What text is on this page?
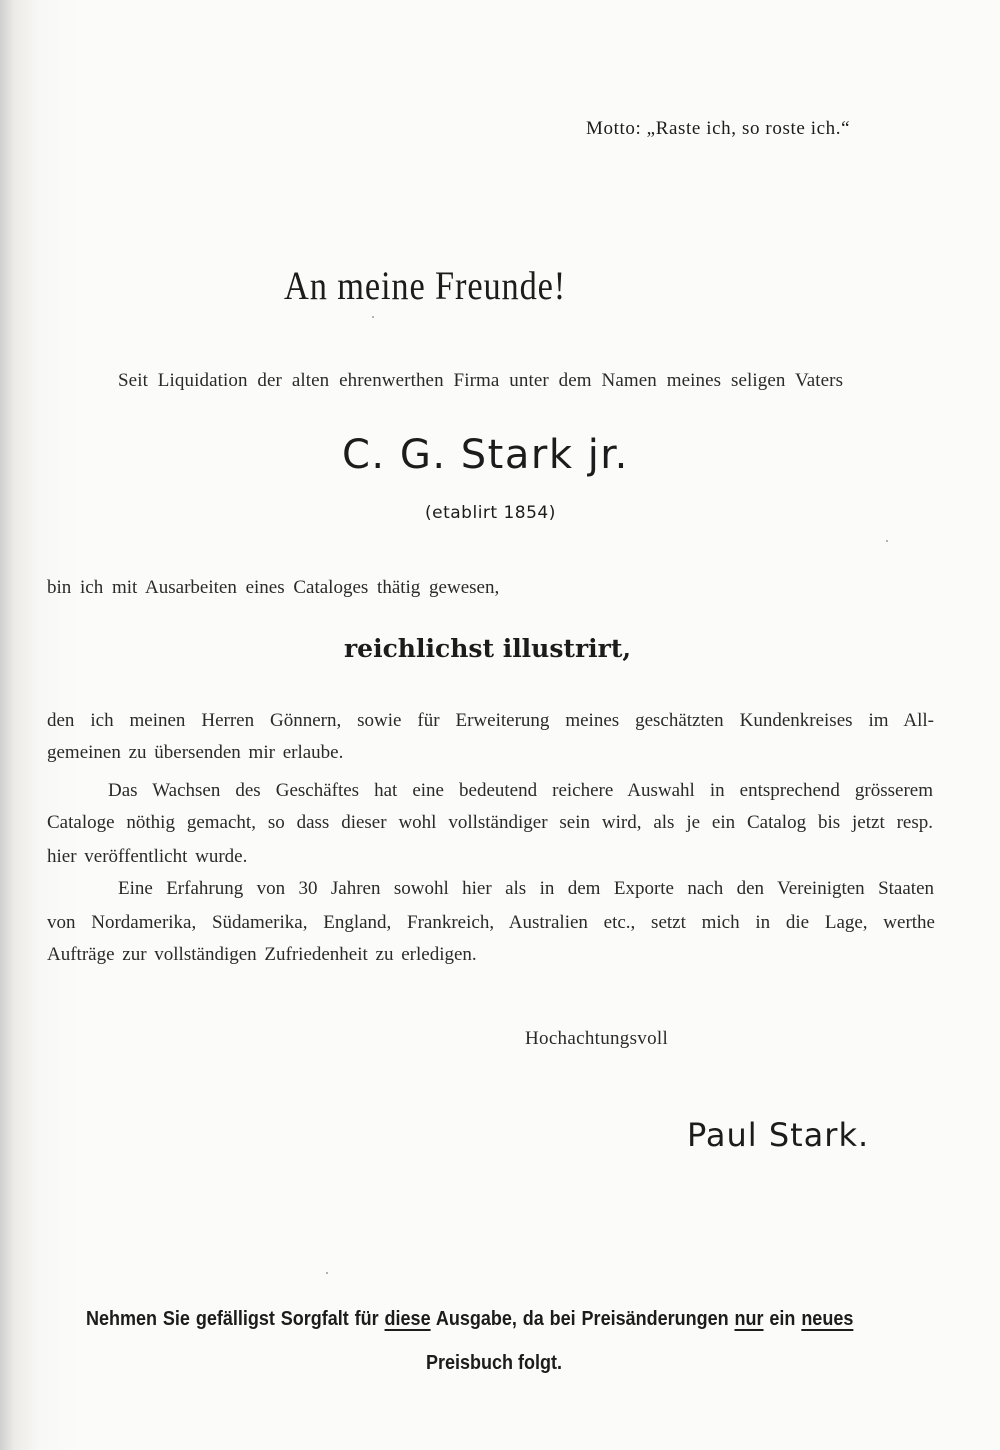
Motto: „Raste ich, so roste ich.“
An meine Freunde!
Seit Liquidation der alten ehrenwerthen Firma unter dem Namen meines seligen Vaters
C. G. Stark jr.
(etablirt 1854)
bin ich mit Ausarbeiten eines Cataloges thätig gewesen,
reichlichst illustrirt,
den ich meinen Herren Gönnern, sowie für Erweiterung meines geschätzten Kundenkreises im All-
gemeinen zu übersenden mir erlaube.
Das Wachsen des Geschäftes hat eine bedeutend reichere Auswahl in entsprechend grösserem
Cataloge nöthig gemacht, so dass dieser wohl vollständiger sein wird, als je ein Catalog bis jetzt resp.
hier veröffentlicht wurde.
Eine Erfahrung von 30 Jahren sowohl hier als in dem Exporte nach den Vereinigten Staaten
von Nordamerika, Südamerika, England, Frankreich, Australien etc., setzt mich in die Lage, werthe
Aufträge zur vollständigen Zufriedenheit zu erledigen.
Hochachtungsvoll
Paul Stark.
Nehmen Sie gefälligst Sorgfalt für diese Ausgabe, da bei Preisänderungen nur ein neues
Preisbuch folgt.
